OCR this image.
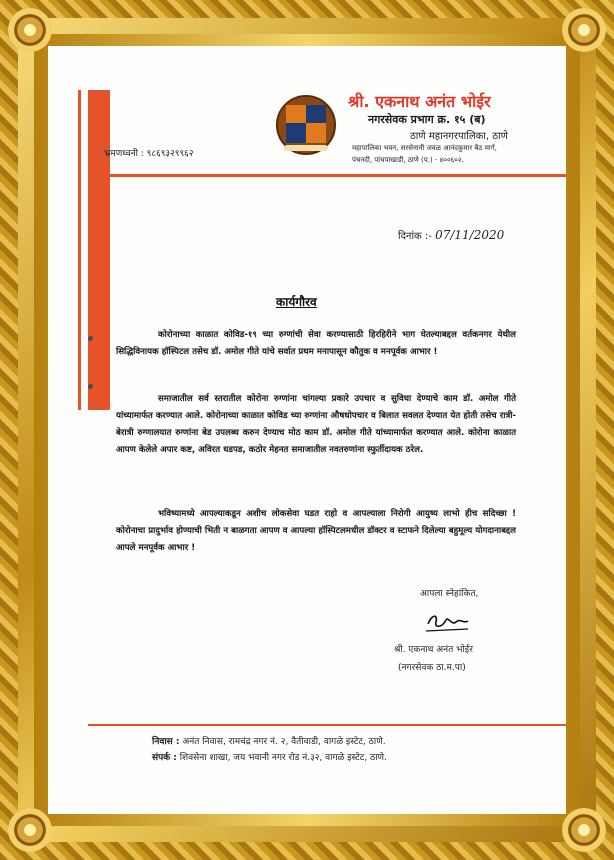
श्री. एकनाथ अनंत भोईर
नगरसेवक प्रभाग क्र. १५ (ब)
ठाणे महानगरपालिका, ठाणे
महापालिका भवन, सरसेनानी जवळ आनंदकुमार बैठ मार्ग,
पंचनदी, पांचपाखाडी, ठाणे (प.) - ४००६०२.
भ्रमणध्वनी : ९८६९३२९९६२
दिनांक :- 07/11/2020
कार्यगौरव
कोरोनाच्या काळात कोविड-१९ च्या रुग्णांची सेवा करण्यासाठी हिरहिरीने भाग घेतल्याबद्दल वर्तकनगर येथील सिद्धिविनायक हॉस्पिटल तसेच डॉ. अमोल गीते यांचे सर्वात प्रथम मनापासून कौतुक व मनपूर्वक आभार !
समाजातील सर्व स्तरातील कोरोना रुग्णांना चांगल्या प्रकारे उपचार व सुविधा देण्याचे काम डॉ. अमोल गीते यांच्यामार्फत करण्यात आले. कोरोनाच्या काळात कोविड च्या रुग्णांना औषधोपचार व बिलात सवलत देण्यात येत होती तसेच रात्री-बेरात्री रुग्णालयात रुग्णांना बेड उपलब्ध करुन देण्याच मोठ काम डॉ. अमोल गीते यांच्यामार्फत करण्यात आले. कोरोना काळात आपण केलेले अपार कष्ट, अविरत धडपड, कठोर मेहनत समाजातील नवतरुणांना स्फुर्तीदायक ठरेल.
भविष्यामध्ये आपल्याकडून अशीच लोकसेवा घडत राहो व आपल्याला निरोगी आयुष्य लाभो हीच सदिच्छा ! कोरोनाचा प्रादुर्भाव होण्याची भिती न बाळगता आपण व आपल्या हॉस्पिटलमधील डॉक्टर व स्टाफने दिलेल्या बहुमूल्य योगदानाबद्दल आपले मनपूर्वक आभार !
आपला स्नेहांकित,
श्री. एकनाथ अनंत भोईर
(नगरसेवक ठा.म.पा)
निवास : अनंत निवास, रामचंद्र नगर नं. २, वैतीवाडी, वागळे इस्टेट, ठाणे.
संपर्क : शिवसेना शाखा, जय भवानी नगर रोड नं.३२, वागळे इस्टेट, ठाणे.
